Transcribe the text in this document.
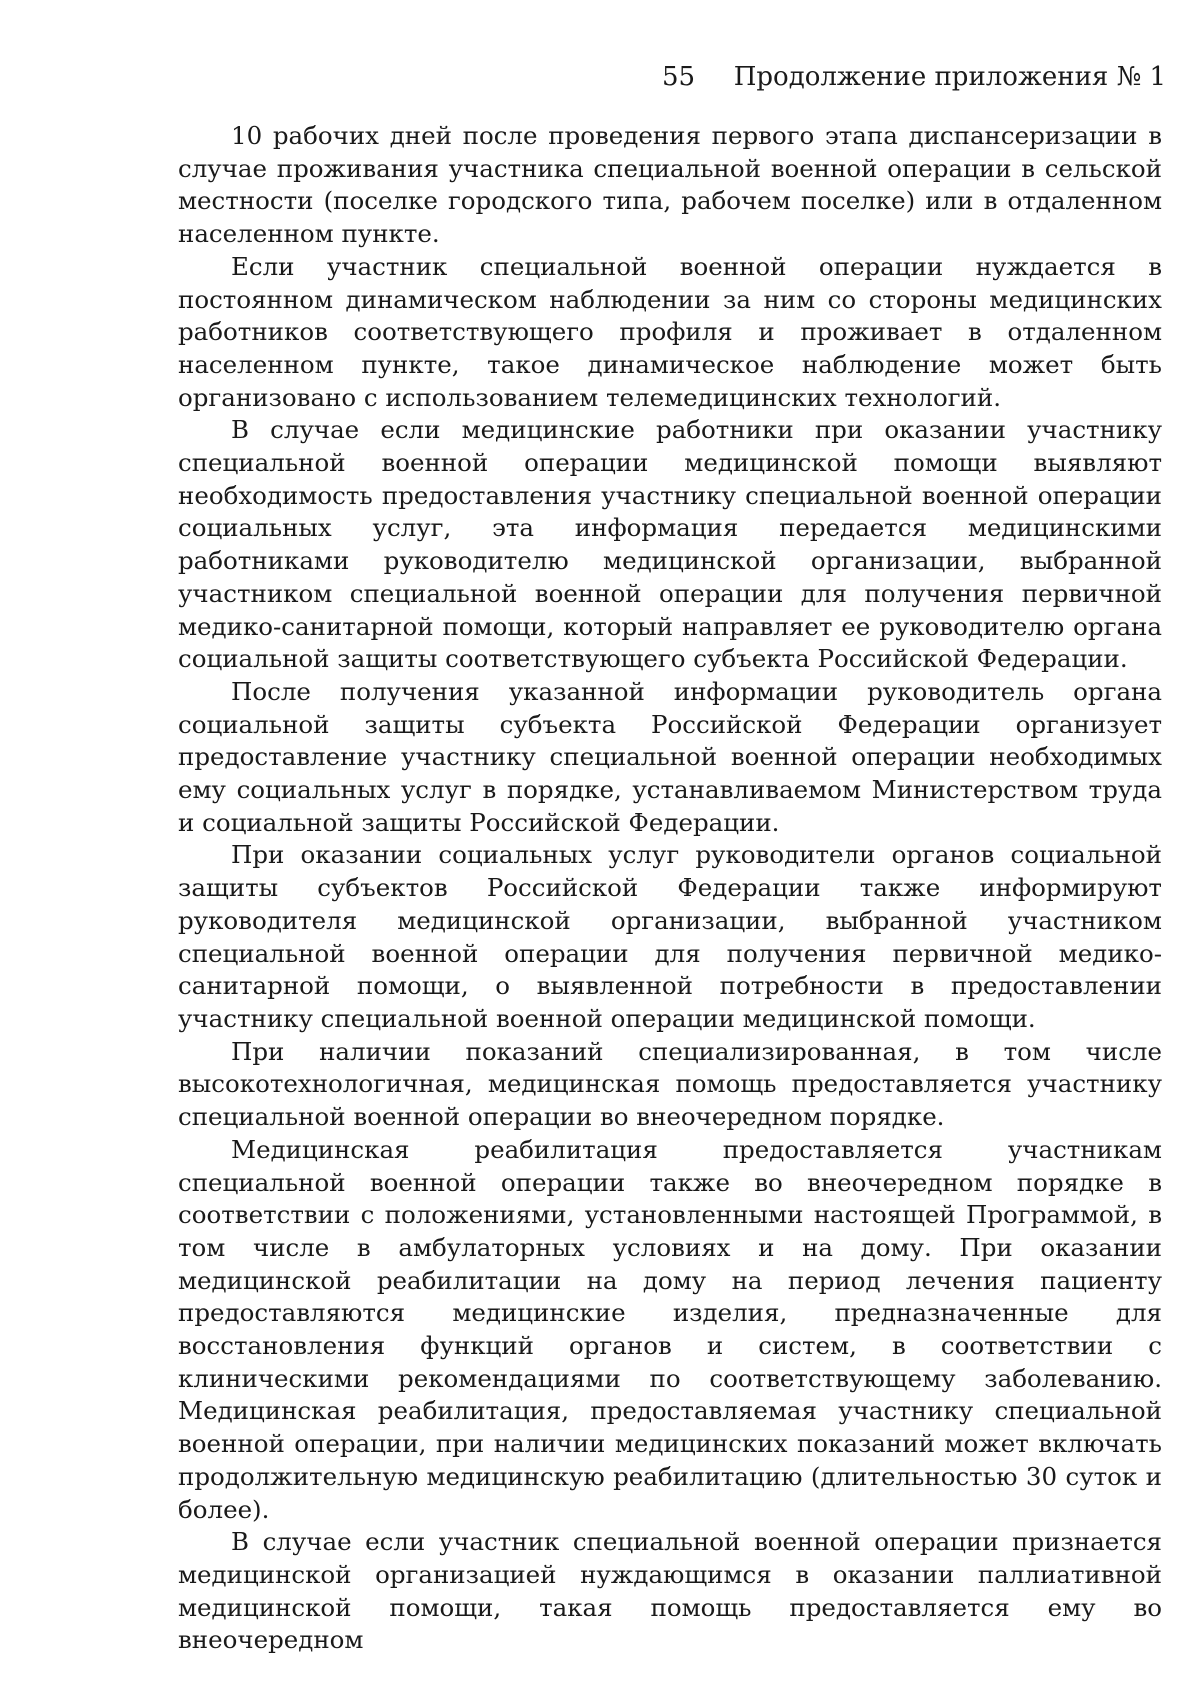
55 Продолжение приложения № 1

10 рабочих дней после проведения первого этапа диспансеризации в случае проживания участника специальной военной операции в сельской местности (поселке городского типа, рабочем поселке) или в отдаленном населенном пункте.

Если участник специальной военной операции нуждается в постоянном динамическом наблюдении за ним со стороны медицинских работников соответствующего профиля и проживает в отдаленном населенном пункте, такое динамическое наблюдение может быть организовано с использованием телемедицинских технологий.

В случае если медицинские работники при оказании участнику специальной военной операции медицинской помощи выявляют необходимость предоставления участнику специальной военной операции социальных услуг, эта информация передается медицинскими работниками руководителю медицинской организации, выбранной участником специальной военной операции для получения первичной медико-санитарной помощи, который направляет ее руководителю органа социальной защиты соответствующего субъекта Российской Федерации.

После получения указанной информации руководитель органа социальной защиты субъекта Российской Федерации организует предоставление участнику специальной военной операции необходимых ему социальных услуг в порядке, устанавливаемом Министерством труда и социальной защиты Российской Федерации.

При оказании социальных услуг руководители органов социальной защиты субъектов Российской Федерации также информируют руководителя медицинской организации, выбранной участником специальной военной операции для получения первичной медико-санитарной помощи, о выявленной потребности в предоставлении участнику специальной военной операции медицинской помощи.

При наличии показаний специализированная, в том числе высокотехнологичная, медицинская помощь предоставляется участнику специальной военной операции во внеочередном порядке.

Медицинская реабилитация предоставляется участникам специальной военной операции также во внеочередном порядке в соответствии с положениями, установленными настоящей Программой, в том числе в амбулаторных условиях и на дому. При оказании медицинской реабилитации на дому на период лечения пациенту предоставляются медицинские изделия, предназначенные для восстановления функций органов и систем, в соответствии с клиническими рекомендациями по соответствующему заболеванию. Медицинская реабилитация, предоставляемая участнику специальной военной операции, при наличии медицинских показаний может включать продолжительную медицинскую реабилитацию (длительностью 30 суток и более).

В случае если участник специальной военной операции признается медицинской организацией нуждающимся в оказании паллиативной медицинской помощи, такая помощь предоставляется ему во внеочередном
